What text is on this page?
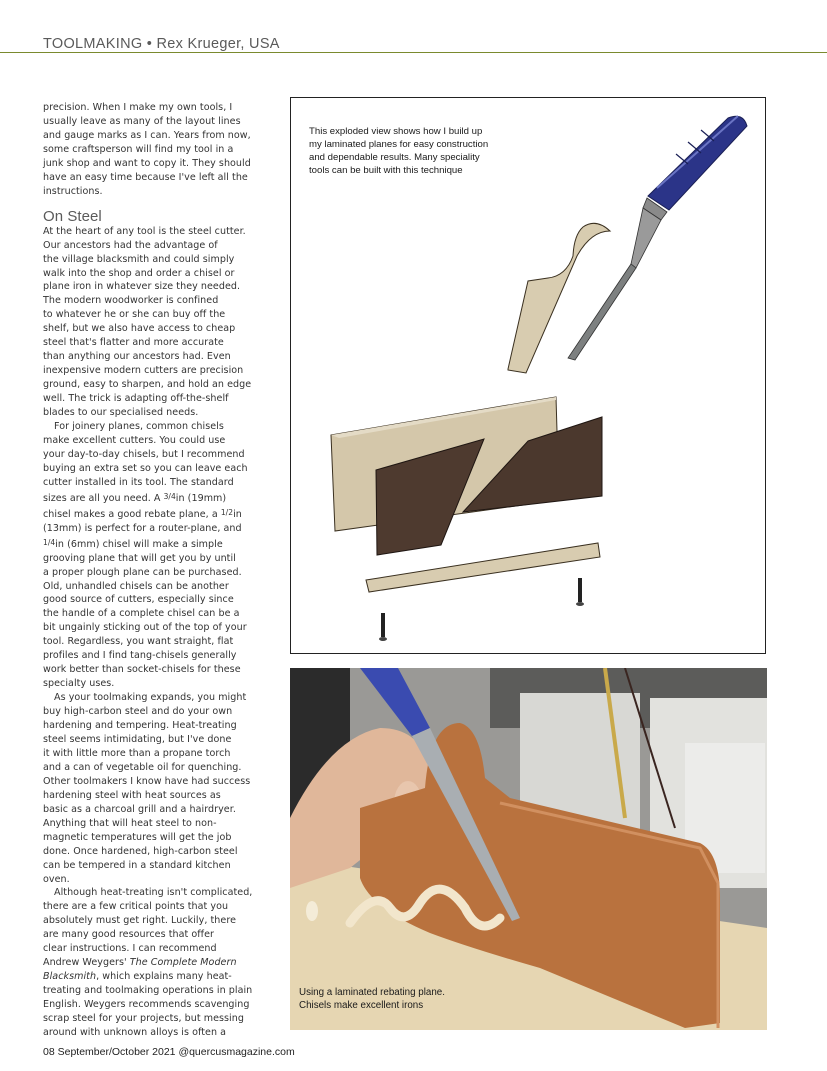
TOOLMAKING • Rex Krueger, USA

precision. When I make my own tools, I

usually leave as many of the layout lines

and gauge marks as I can. Years from now,

some craftsperson will find my tool in a

junk shop and want to copy it. They should

have an easy time because I've left all the

instructions.

On Steel

At the heart of any tool is the steel cutter.

Our ancestors had the advantage of

the village blacksmith and could simply

walk into the shop and order a chisel or

plane iron in whatever size they needed.

The modern woodworker is confined

to whatever he or she can buy off the

shelf, but we also have access to cheap

steel that's flatter and more accurate

than anything our ancestors had. Even

inexpensive modern cutters are precision

ground, easy to sharpen, and hold an edge

well. The trick is adapting off-the-shelf

blades to our specialised needs.

For joinery planes, common chisels

make excellent cutters. You could use

your day-to-day chisels, but I recommend

buying an extra set so you can leave each

cutter installed in its tool. The standard

sizes are all you need. A $^{3/4}$in (19mm)

chisel makes a good rebate plane, a $^{1/2}$in

(13mm) is perfect for a router-plane, and

$^{1/4}$in (6mm) chisel will make a simple

grooving plane that will get you by until

a proper plough plane can be purchased.

Old, unhandled chisels can be another

good source of cutters, especially since

the handle of a complete chisel can be a

bit ungainly sticking out of the top of your

tool. Regardless, you want straight, flat

profiles and I find tang-chisels generally

work better than socket-chisels for these

specialty uses.

As your toolmaking expands, you might

buy high-carbon steel and do your own

hardening and tempering. Heat-treating

steel seems intimidating, but I've done

it with little more than a propane torch

and a can of vegetable oil for quenching.

Other toolmakers I know have had success

hardening steel with heat sources as

basic as a charcoal grill and a hairdryer.

Anything that will heat steel to non-

magnetic temperatures will get the job

done. Once hardened, high-carbon steel

can be tempered in a standard kitchen

oven.

Although heat-treating isn't complicated,

there are a few critical points that you

absolutely must get right. Luckily, there

are many good resources that offer

clear instructions. I can recommend

Andrew Weygers' The Complete Modern

Blacksmith, which explains many heat-

treating and toolmaking operations in plain

English. Weygers recommends scavenging

scrap steel for your projects, but messing

around with unknown alloys is often a

This exploded view shows how I build up my laminated planes for easy construction and dependable results. Many speciality tools can be built with this technique
Using a laminated rebating plane.
Chisels make excellent irons
08 September/October 2021 @quercusmagazine.com
